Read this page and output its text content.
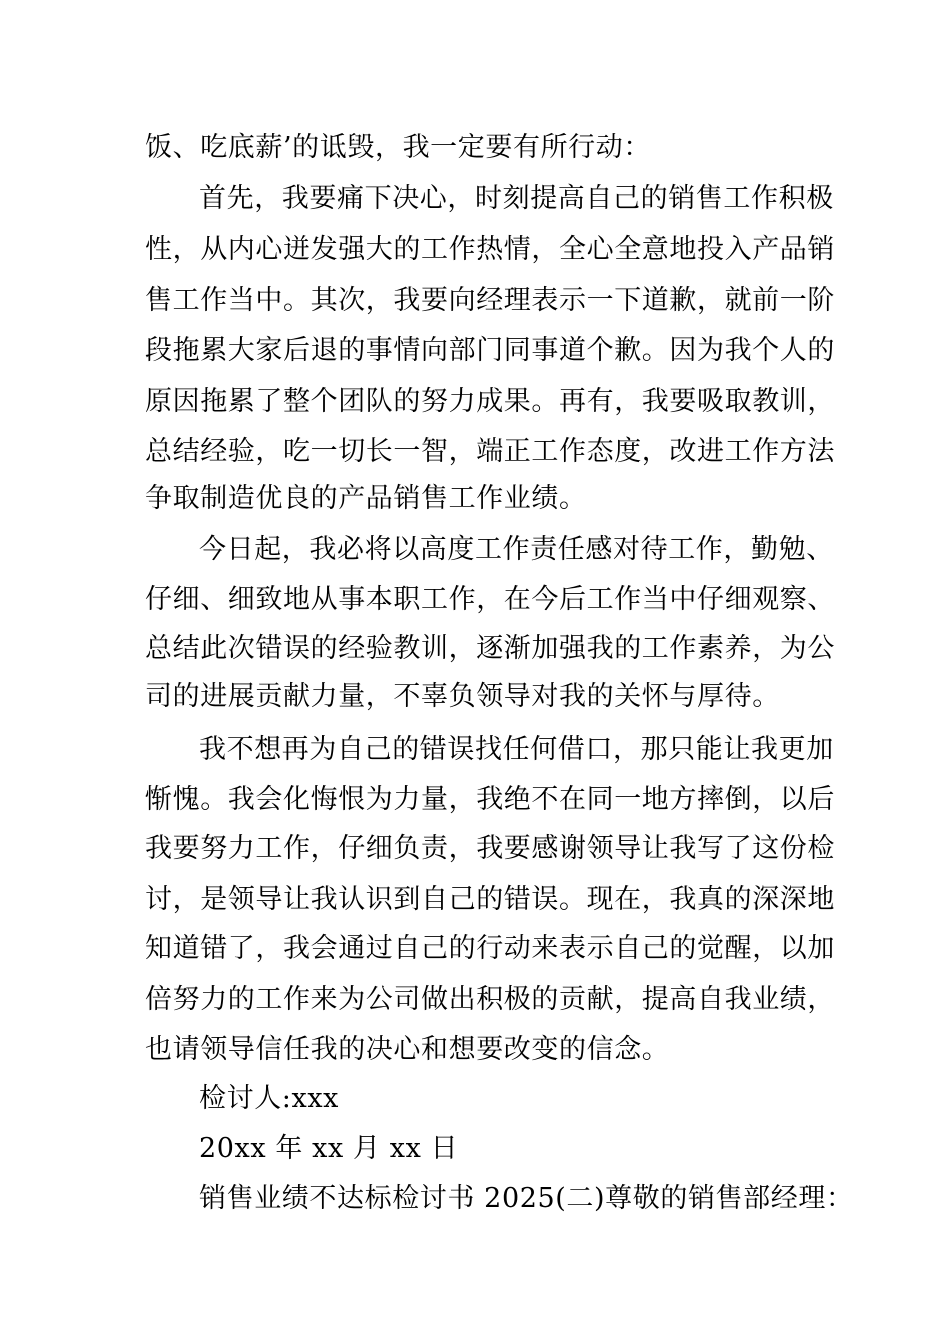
饭、吃底薪’的诋毁，我一定要有所行动：
首先，我要痛下决心，时刻提高自己的销售工作积极
性，从内心迸发强大的工作热情，全心全意地投入产品销
售工作当中。其次，我要向经理表示一下道歉，就前一阶
段拖累大家后退的事情向部门同事道个歉。因为我个人的
原因拖累了整个团队的努力成果。再有，我要吸取教训，
总结经验，吃一切长一智，端正工作态度，改进工作方法
争取制造优良的产品销售工作业绩。
今日起，我必将以高度工作责任感对待工作，勤勉、
仔细、细致地从事本职工作，在今后工作当中仔细观察、
总结此次错误的经验教训，逐渐加强我的工作素养，为公
司的进展贡献力量，不辜负领导对我的关怀与厚待。
我不想再为自己的错误找任何借口，那只能让我更加
惭愧。我会化悔恨为力量，我绝不在同一地方摔倒，以后
我要努力工作，仔细负责，我要感谢领导让我写了这份检
讨，是领导让我认识到自己的错误。现在，我真的深深地
知道错了，我会通过自己的行动来表示自己的觉醒，以加
倍努力的工作来为公司做出积极的贡献，提高自我业绩，
也请领导信任我的决心和想要改变的信念。
检讨人:xxx
20xx 年 xx 月 xx 日
销售业绩不达标检讨书 2025(二)尊敬的销售部经理：
